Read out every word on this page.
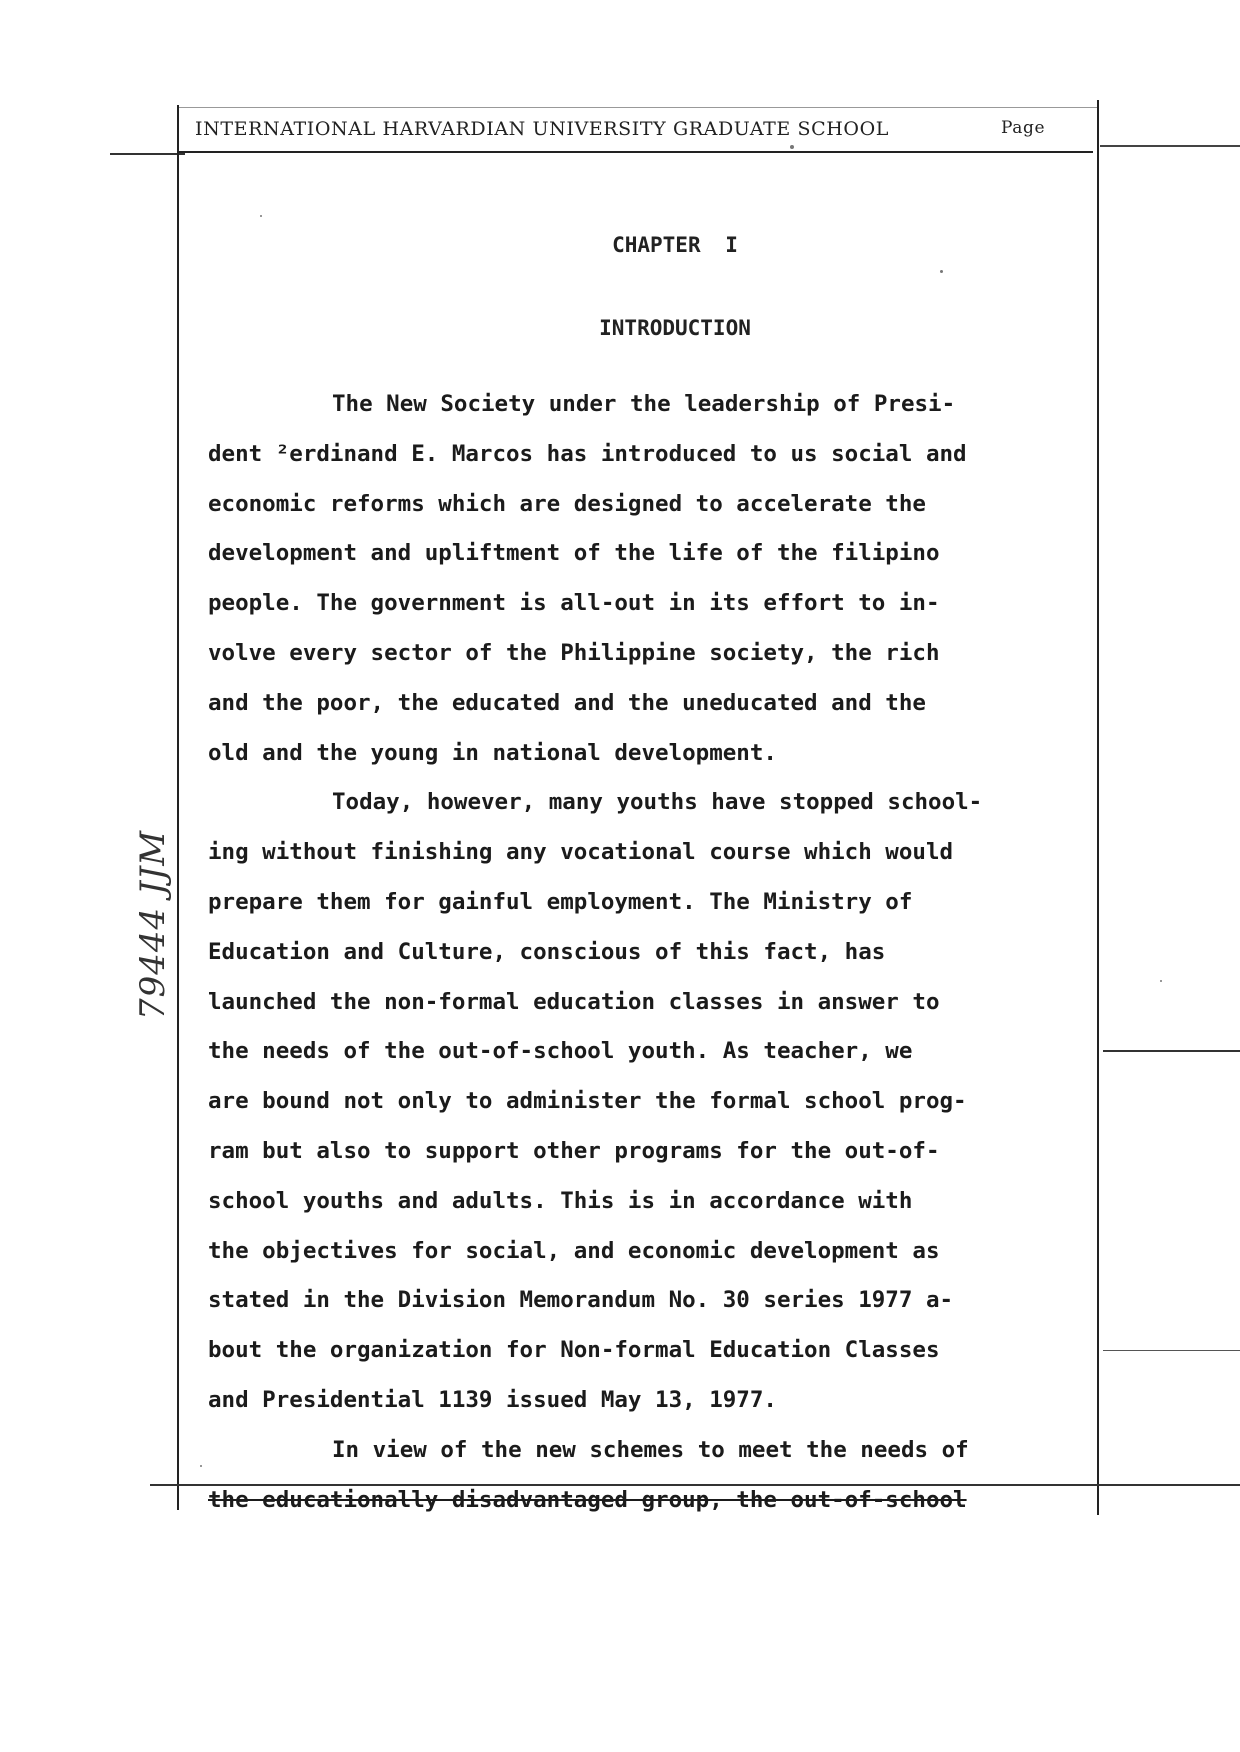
INTERNATIONAL HARVARDIAN UNIVERSITY GRADUATE SCHOOL	Page
CHAPTER I
INTRODUCTION
The New Society under the leadership of Presi-
dent ²erdinand E. Marcos has introduced to us social and
economic reforms which are designed to accelerate the
development and upliftment of the life of the filipino
people. The government is all-out in its effort to in-
volve every sector of the Philippine society, the rich
and the poor, the educated and the uneducated and the
old and the young in national development.
Today, however, many youths have stopped school-
ing without finishing any vocational course which would
prepare them for gainful employment. The Ministry of
Education and Culture, conscious of this fact, has
launched the non-formal education classes in answer to
the needs of the out-of-school youth. As teacher, we
are bound not only to administer the formal school prog-
ram but also to support other programs for the out-of-
school youths and adults. This is in accordance with
the objectives for social, and economic development as
stated in the Division Memorandum No. 30 series 1977 a-
bout the organization for Non-formal Education Classes
and Presidential 1139 issued May 13, 1977.
In view of the new schemes to meet the needs of
the educationally disadvantaged group, the out-of-school
79444 JJM
